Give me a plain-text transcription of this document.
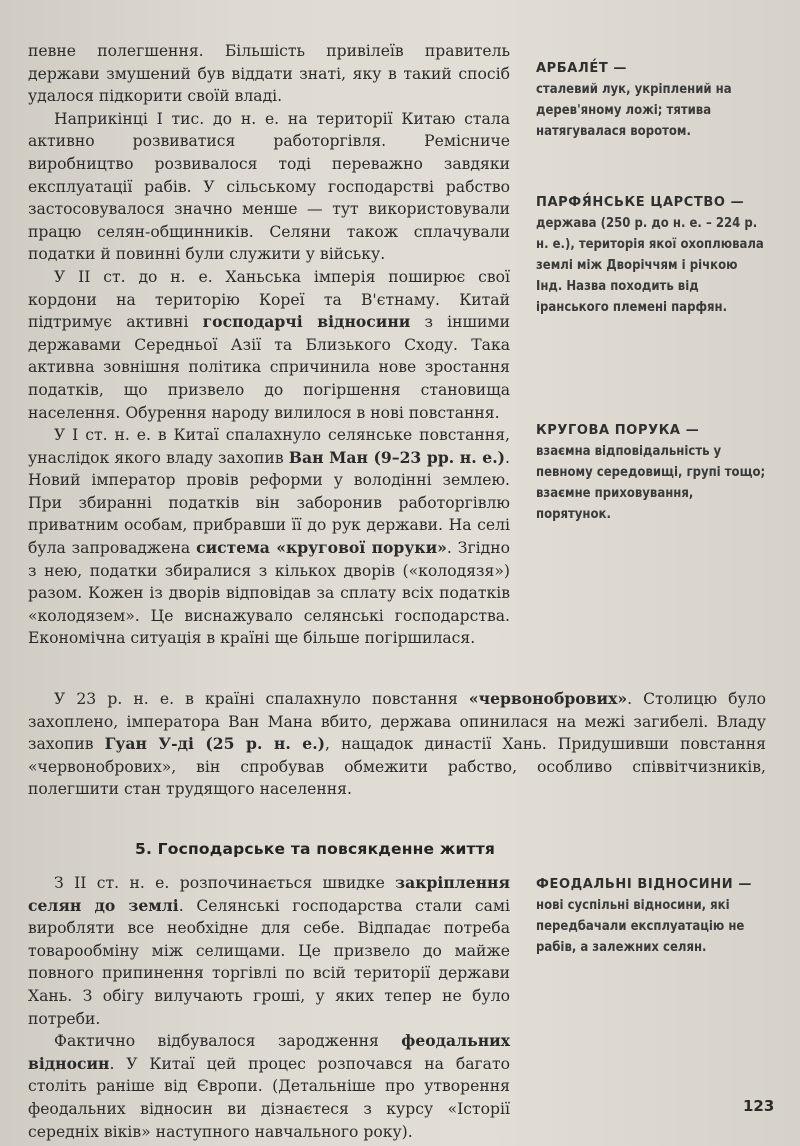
певне полегшення. Більшість привілеїв правитель держави змушений був віддати знаті, яку в такий спосіб удалося підкорити своїй владі.

Наприкінці I тис. до н. е. на території Китаю стала активно розвиватися работоргівля. Ремісниче виробництво розвивалося тоді переважно завдяки експлуатації рабів. У сільському господарстві рабство застосовувалося значно менше — тут використовували працю селян-общинників. Селяни також сплачували податки й повинні були служити у війську.

У II ст. до н. е. Ханьська імперія поширює свої кордони на територію Кореї та В'єтнаму. Китай підтримує активні господарчі відносини з іншими державами Середньої Азії та Близького Сходу. Така активна зовнішня політика спричинила нове зростання податків, що призвело до погіршення становища населення. Обурення народу вилилося в нові повстання.

У I ст. н. е. в Китаї спалахнуло селянське повстання, унаслідок якого владу захопив Ван Ман (9–23 рр. н. е.). Новий імператор провів реформи у володінні землею. При збиранні податків він заборонив работоргівлю приватним особам, прибравши її до рук держави. На селі була запроваджена система «кругової поруки». Згідно з нею, податки збиралися з кількох дворів («колодязя») разом. Кожен із дворів відповідав за сплату всіх податків «колодязем». Це виснажувало селянські господарства. Економічна ситуація в країні ще більше погіршилася.

У 23 р. н. е. в країні спалахнуло повстання «червонобрових». Столицю було захоплено, імператора Ван Мана вбито, держава опинилася на межі загибелі. Владу захопив Гуан У-ді (25 р. н. е.), нащадок династії Хань. Придушивши повстання «червонобрових», він спробував обмежити рабство, особливо співвітчизників, полегшити стан трудящого населення.

5. Господарське та повсякденне життя

З II ст. н. е. розпочинається швидке закріплення селян до землі. Селянські господарства стали самі виробляти все необхідне для себе. Відпадає потреба товарообміну між селищами. Це призвело до майже повного припинення торгівлі по всій території держави Хань. З обігу вилучають гроші, у яких тепер не було потреби.

Фактично відбувалося зародження феодальних відносин. У Китаї цей процес розпочався на багато століть раніше від Європи. (Детальніше про утворення феодальних відносин ви дізнаєтеся з курсу «Історії середніх віків» наступного навчального року).

АРБАЛЕ́Т —
сталевий лук, укріплений на дерев'яному ложі; тятива натягувалася воротом.
ПАРФЯ́НСЬКЕ ЦАРСТВО —
держава (250 р. до н. е. – 224 р. н. е.), територія якої охоплювала землі між Дворіччям і річкою Інд. Назва походить від іранського племені парфян.
КРУГОВА ПОРУКА —
взаємна відповідальність у певному середовищі, групі тощо; взаємне приховування, порятунок.
ФЕОДАЛЬНІ ВІДНОСИНИ —
нові суспільні відносини, які передбачали експлуатацію не рабів, а залежних селян.
123
